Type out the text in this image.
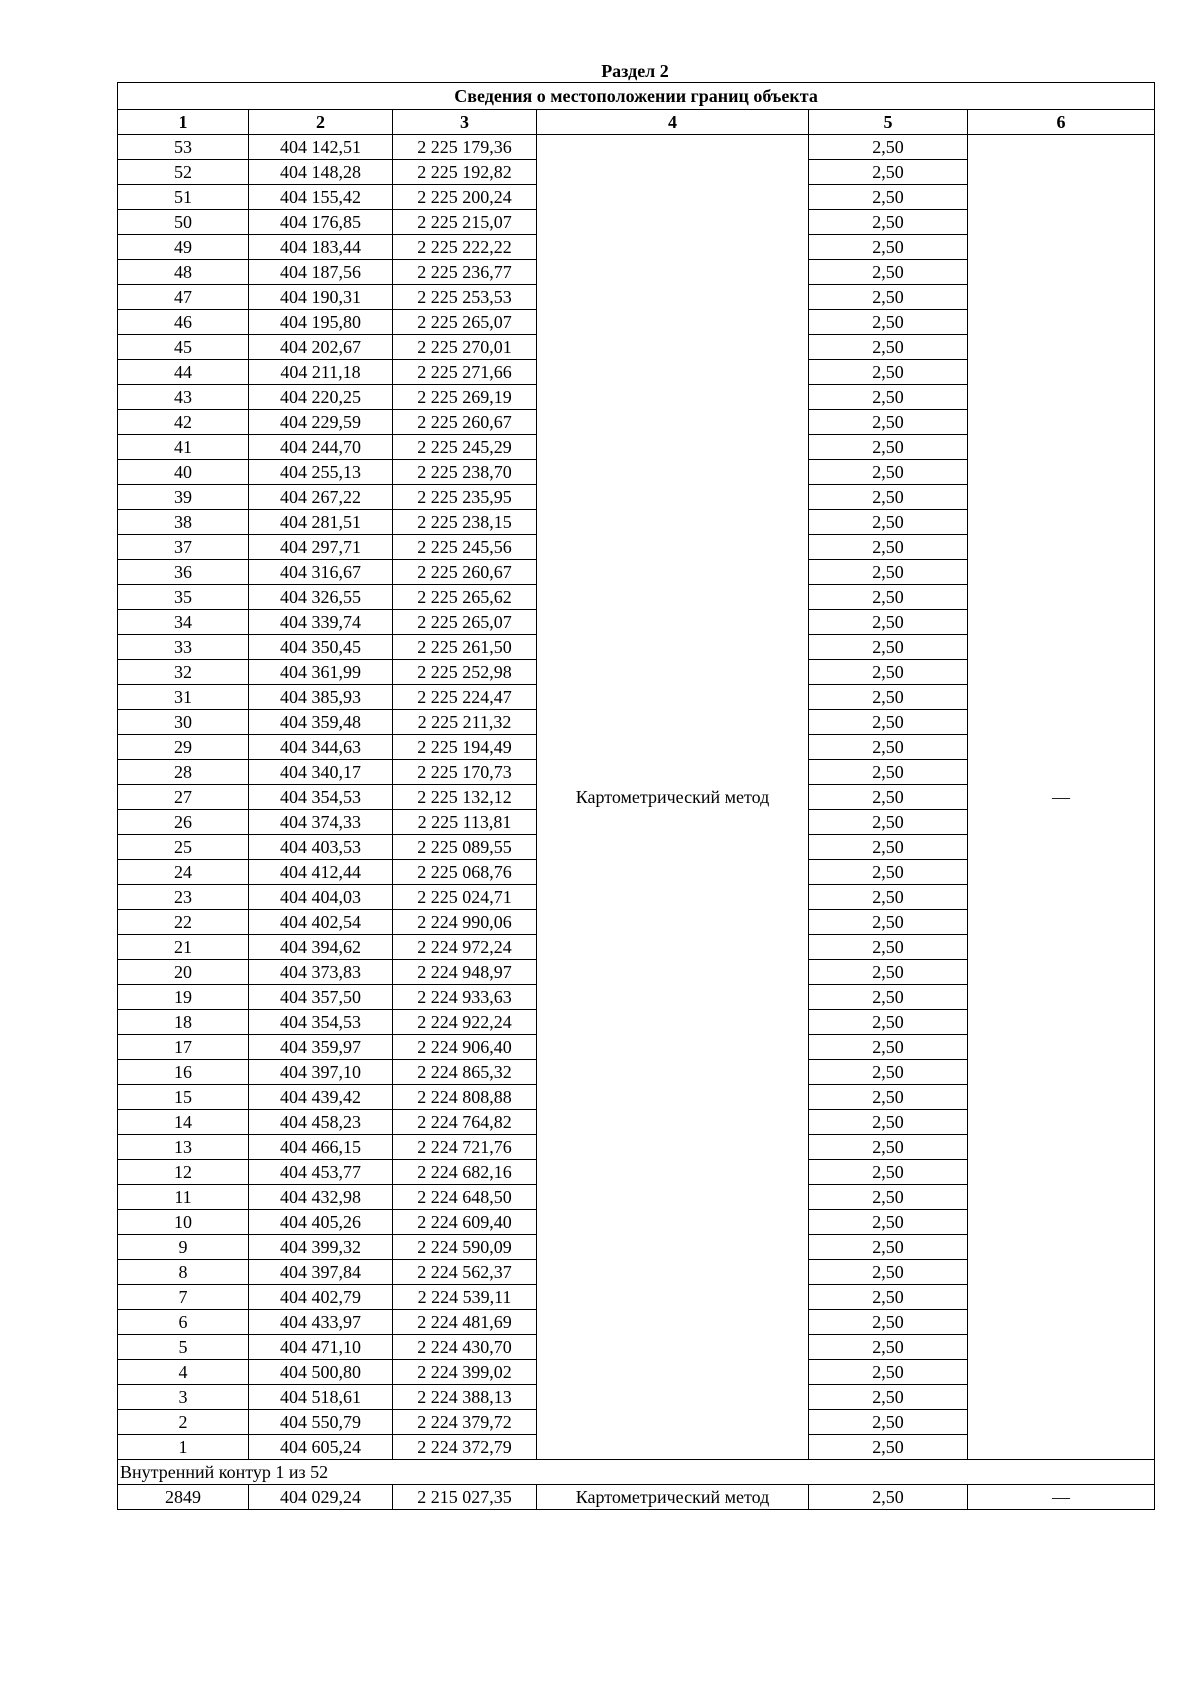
Раздел 2
Сведения о местоположении границ объекта					
1	2	3	4	5	6
53	404 142,51	2 225 179,36	Картометрический метод	2,50	—
52	404 148,28	2 225 192,82		2,50	
51	404 155,42	2 225 200,24		2,50	
50	404 176,85	2 225 215,07		2,50	
49	404 183,44	2 225 222,22		2,50	
48	404 187,56	2 225 236,77		2,50	
47	404 190,31	2 225 253,53		2,50	
46	404 195,80	2 225 265,07		2,50	
45	404 202,67	2 225 270,01		2,50	
44	404 211,18	2 225 271,66		2,50	
43	404 220,25	2 225 269,19		2,50	
42	404 229,59	2 225 260,67		2,50	
41	404 244,70	2 225 245,29		2,50	
40	404 255,13	2 225 238,70		2,50	
39	404 267,22	2 225 235,95		2,50	
38	404 281,51	2 225 238,15		2,50	
37	404 297,71	2 225 245,56		2,50	
36	404 316,67	2 225 260,67		2,50	
35	404 326,55	2 225 265,62		2,50	
34	404 339,74	2 225 265,07		2,50	
33	404 350,45	2 225 261,50		2,50	
32	404 361,99	2 225 252,98		2,50	
31	404 385,93	2 225 224,47		2,50	
30	404 359,48	2 225 211,32		2,50	
29	404 344,63	2 225 194,49		2,50	
28	404 340,17	2 225 170,73		2,50	
27	404 354,53	2 225 132,12		2,50	
26	404 374,33	2 225 113,81		2,50	
25	404 403,53	2 225 089,55		2,50	
24	404 412,44	2 225 068,76		2,50	
23	404 404,03	2 225 024,71		2,50	
22	404 402,54	2 224 990,06		2,50	
21	404 394,62	2 224 972,24		2,50	
20	404 373,83	2 224 948,97		2,50	
19	404 357,50	2 224 933,63		2,50	
18	404 354,53	2 224 922,24		2,50	
17	404 359,97	2 224 906,40		2,50	
16	404 397,10	2 224 865,32		2,50	
15	404 439,42	2 224 808,88		2,50	
14	404 458,23	2 224 764,82		2,50	
13	404 466,15	2 224 721,76		2,50	
12	404 453,77	2 224 682,16		2,50	
11	404 432,98	2 224 648,50		2,50	
10	404 405,26	2 224 609,40		2,50	
9	404 399,32	2 224 590,09		2,50	
8	404 397,84	2 224 562,37		2,50	
7	404 402,79	2 224 539,11		2,50	
6	404 433,97	2 224 481,69		2,50	
5	404 471,10	2 224 430,70		2,50	
4	404 500,80	2 224 399,02		2,50	
3	404 518,61	2 224 388,13		2,50	
2	404 550,79	2 224 379,72		2,50	
1	404 605,24	2 224 372,79		2,50	
Внутренний контур 1 из 52					
2849	404 029,24	2 215 027,35	Картометрический метод	2,50	—
